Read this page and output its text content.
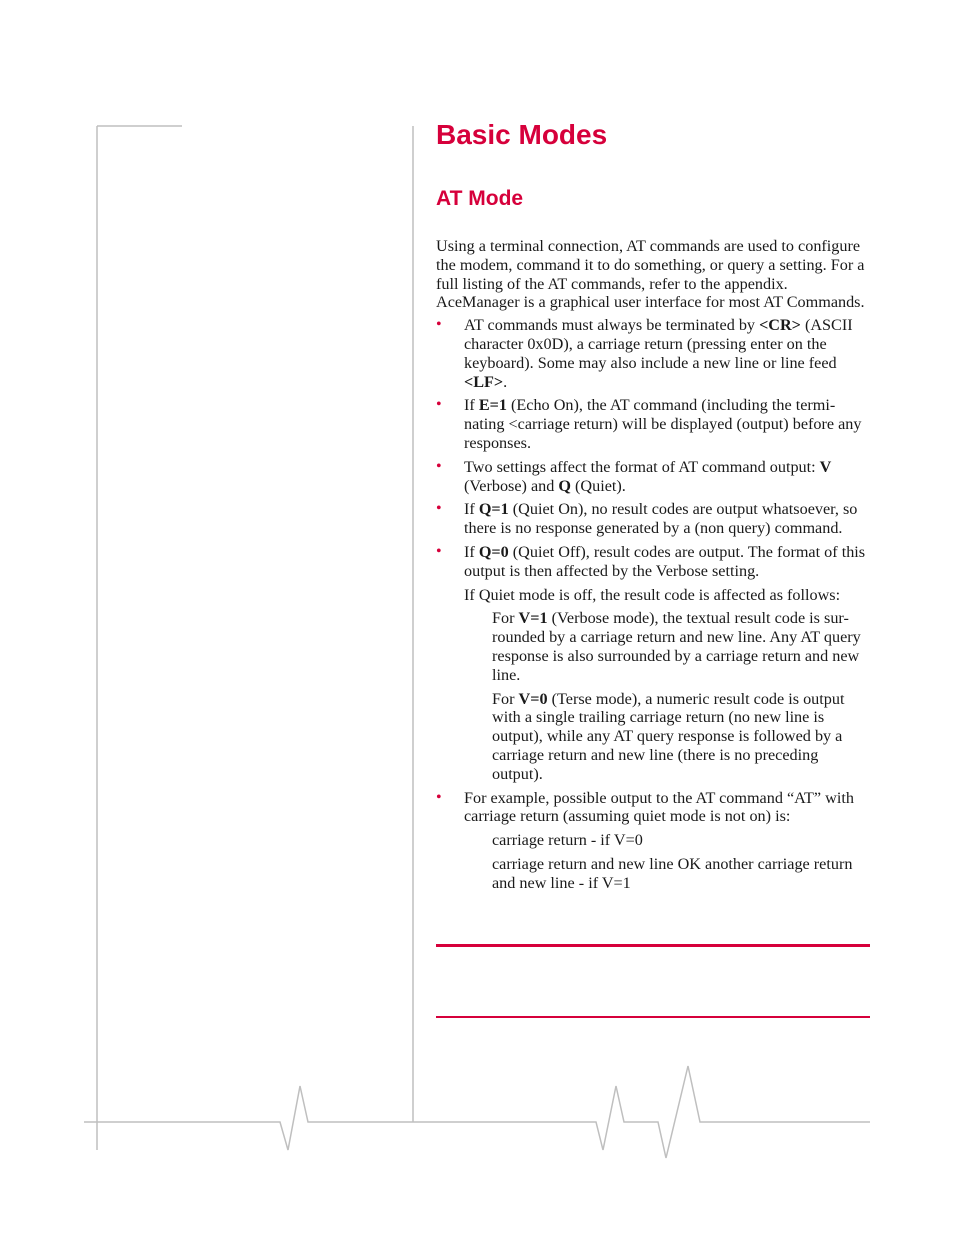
Basic Modes
AT Mode

Using a terminal connection, AT commands are used to configure the modem, command it to do something, or query a setting. For a full listing of the AT commands, refer to the appendix. AceManager is a graphical user interface for most AT Commands.

• AT commands must always be terminated by <CR> (ASCII character 0x0D), a carriage return (pressing enter on the keyboard). Some may also include a new line or line feed <LF>.

• If E=1 (Echo On), the AT command (including the termi-nating <carriage return) will be displayed (output) before any responses.

• Two settings affect the format of AT command output: V (Verbose) and Q (Quiet).

• If Q=1 (Quiet On), no result codes are output whatsoever, so there is no response generated by a (non query) command.

• If Q=0 (Quiet Off), result codes are output. The format of this output is then affected by the Verbose setting.

If Quiet mode is off, the result code is affected as follows:

For V=1 (Verbose mode), the textual result code is sur-rounded by a carriage return and new line. Any AT query response is also surrounded by a carriage return and new line.

For V=0 (Terse mode), a numeric result code is output with a single trailing carriage return (no new line is output), while any AT query response is followed by a carriage return and new line (there is no preceding output).

• For example, possible output to the AT command “AT” with carriage return (assuming quiet mode is not on) is:

carriage return - if V=0

carriage return and new line OK another carriage return and new line - if V=1
